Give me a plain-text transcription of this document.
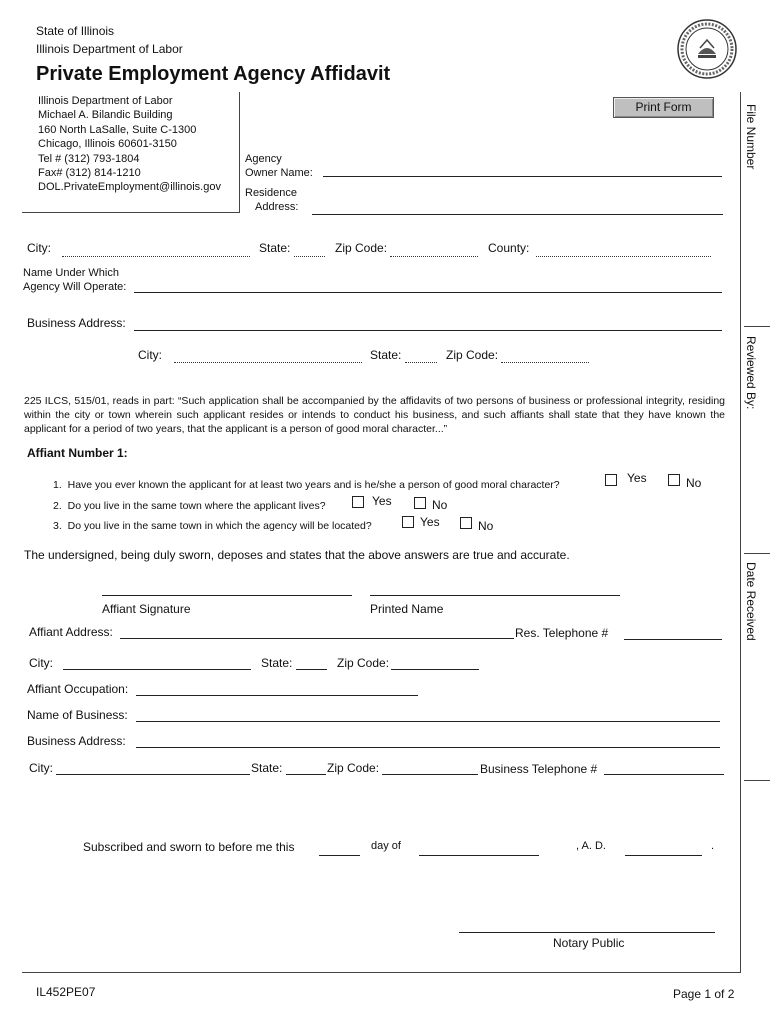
State of Illinois
Illinois Department of Labor
Private Employment Agency Affidavit
Illinois Department of Labor
Michael A. Bilandic Building
160 North LaSalle, Suite C-1300
Chicago, Illinois 60601-3150
Tel # (312) 793-1804
Fax# (312) 814-1210
DOL.PrivateEmployment@illinois.gov
Print Form	File Number
Reviewed By:
Date Received
Agency
Owner Name:
Residence
Address:
City:	State:	Zip Code:	County:
Name Under Which
Agency Will Operate:
Business Address:
City:	State:	Zip Code:
225 ILCS, 515/01, reads in part: “Such application shall be accompanied by the affidavits of two persons of business or professional integrity, residing within the city or town wherein such applicant resides or intends to conduct his business, and such affiants shall state that they have known the applicant for a period of two years, that the applicant is a person of good moral character...”
Affiant Number 1:
1. Have you ever known the applicant for at least two years and is he/she a person of good moral character?	Yes	No
2. Do you live in the same town where the applicant lives?	Yes	No
3. Do you live in the same town in which the agency will be located?	Yes	No
The undersigned, being duly sworn, deposes and states that the above answers are true and accurate.
Affiant Signature	Printed Name
Affiant Address:	Res. Telephone #
City:	State:	Zip Code:
Affiant Occupation:
Name of Business:
Business Address:
City:	State:	Zip Code:	Business Telephone #
Subscribed and sworn to before me this	day of	, A. D.	.
Notary Public
IL452PE07	Page 1 of 2
